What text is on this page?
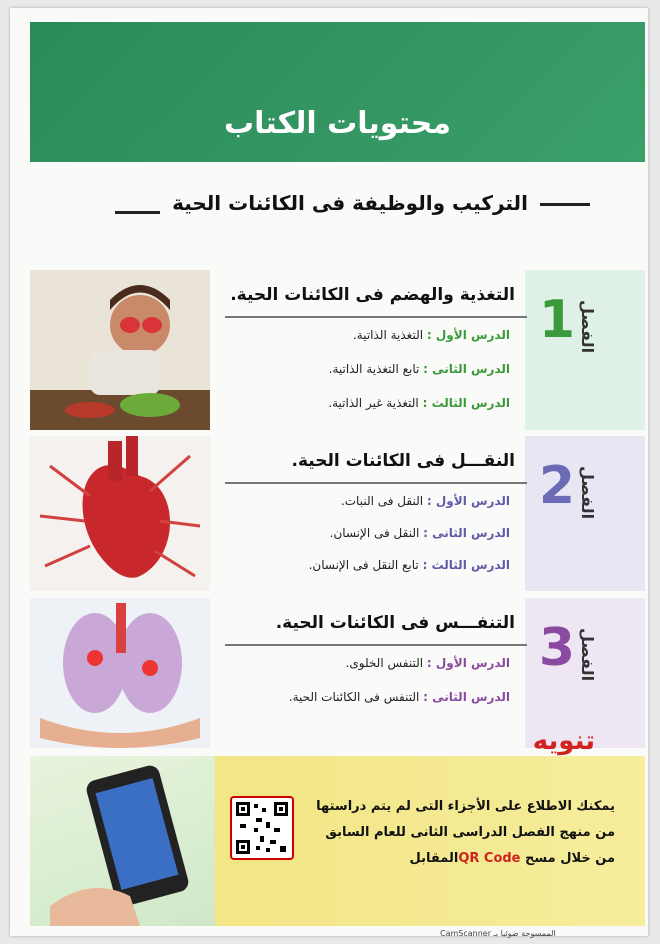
محتويات الكتاب
التركيب والوظيفة فى الكائنات الحية
1 الفصل
التغذية والهضم فى الكائنات الحية.
الدرس الأول : التغذية الذاتية.
الدرس الثانى : تابع التغذية الذاتية.
الدرس الثالث : التغذية غير الذاتية.
2 الفصل
النقـــل فى الكائنات الحية.
الدرس الأول : النقل فى النبات.
الدرس الثانى : النقل فى الإنسان.
الدرس الثالث : تابع النقل فى الإنسان.
3 الفصل
التنفـــس فى الكائنات الحية.
الدرس الأول : التنفس الخلوى.
الدرس الثانى : التنفس فى الكائنات الحية.
تنويه
يمكنك الاطلاع على الأجزاء التى لم يتم دراستها
من منهج الفصل الدراسى الثانى للعام السابق
من خلال مسح QR Codeالمقابل
الممسوحة ضوئيا بـ CamScanner
